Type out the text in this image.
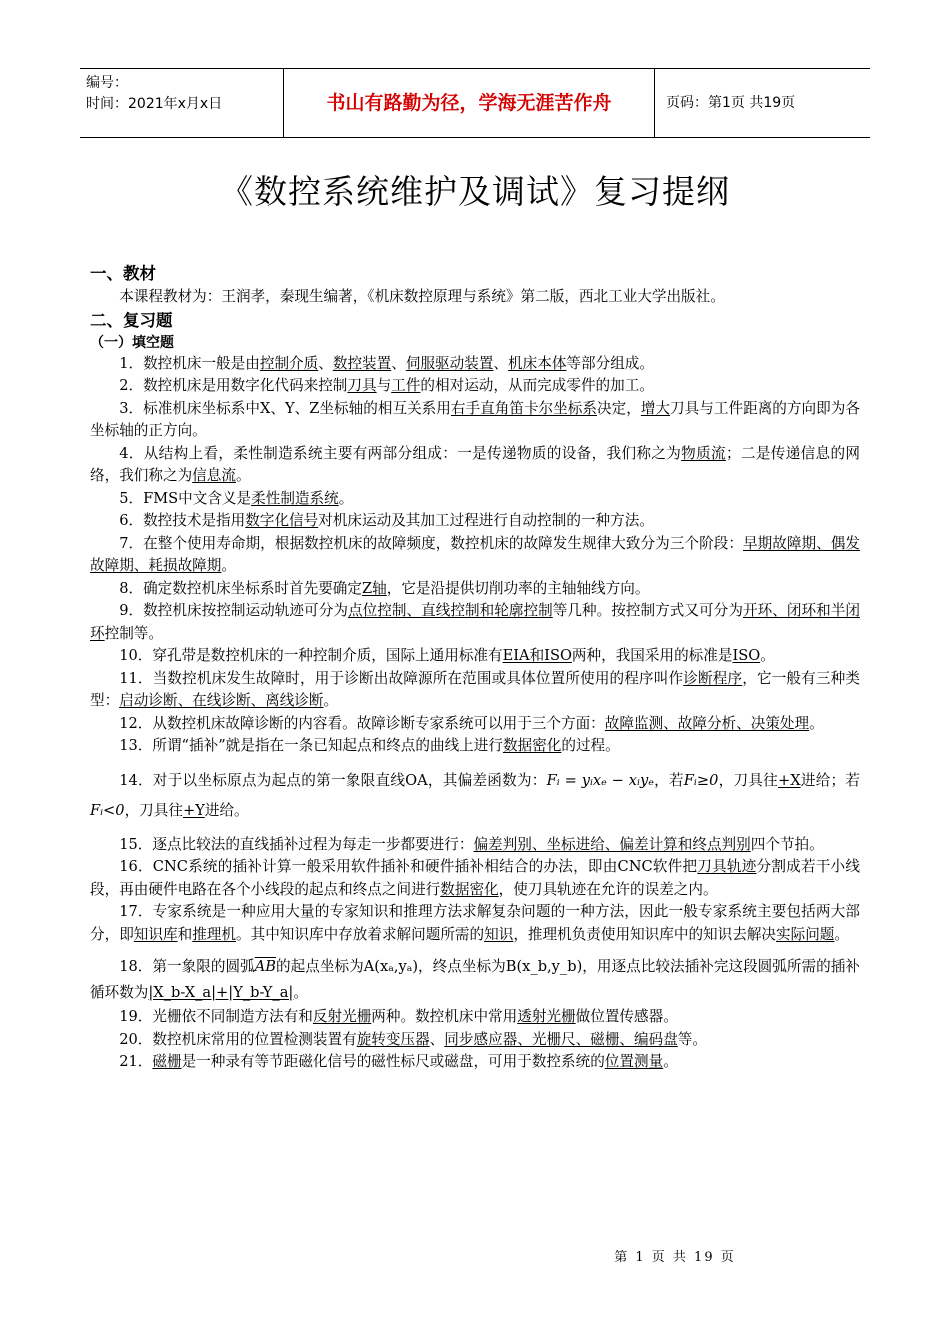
编号：
时间：2021年x月x日	书山有路勤为径，学海无涯苦作舟	页码：第1页 共19页
《数控系统维护及调试》复习提纲
一、教材
本课程教材为：王润孝，秦现生编著，《机床数控原理与系统》第二版，西北工业大学出版社。
二、复习题
（一）填空题
1．数控机床一般是由控制介质、数控装置、伺服驱动装置、机床本体等部分组成。
2．数控机床是用数字化代码来控制刀具与工件的相对运动，从而完成零件的加工。
3．标准机床坐标系中X、Y、Z坐标轴的相互关系用右手直角笛卡尔坐标系决定，增大刀具与工件距离的方向即为各坐标轴的正方向。
4．从结构上看，柔性制造系统主要有两部分组成：一是传递物质的设备，我们称之为物质流；二是传递信息的网络，我们称之为信息流。
5．FMS中文含义是柔性制造系统。
6．数控技术是指用数字化信号对机床运动及其加工过程进行自动控制的一种方法。
7．在整个使用寿命期，根据数控机床的故障频度，数控机床的故障发生规律大致分为三个阶段：早期故障期、偶发故障期、耗损故障期。
8．确定数控机床坐标系时首先要确定Z轴，它是沿提供切削功率的主轴轴线方向。
9．数控机床按控制运动轨迹可分为点位控制、直线控制和轮廓控制等几种。按控制方式又可分为开环、闭环和半闭环控制等。
10．穿孔带是数控机床的一种控制介质，国际上通用标准有EIA和ISO两种，我国采用的标准是ISO。
11．当数控机床发生故障时，用于诊断出故障源所在范围或具体位置所使用的程序叫作诊断程序，它一般有三种类型：启动诊断、在线诊断、离线诊断。
12．从数控机床故障诊断的内容看。故障诊断专家系统可以用于三个方面：故障监测、故障分析、决策处理。
13．所谓“插补”就是指在一条已知起点和终点的曲线上进行数据密化的过程。
14．对于以坐标原点为起点的第一象限直线OA，其偏差函数为：Fᵢ = yᵢxₑ − xᵢyₑ，若Fᵢ≥0，刀具往+X进给；若Fᵢ<0，刀具往+Y进给。
15．逐点比较法的直线插补过程为每走一步都要进行：偏差判别、坐标进给、偏差计算和终点判别四个节拍。
16．CNC系统的插补计算一般采用软件插补和硬件插补相结合的办法，即由CNC软件把刀具轨迹分割成若干小线段，再由硬件电路在各个小线段的起点和终点之间进行数据密化，使刀具轨迹在允许的误差之内。
17．专家系统是一种应用大量的专家知识和推理方法求解复杂问题的一种方法，因此一般专家系统主要包括两大部分，即知识库和推理机。其中知识库中存放着求解问题所需的知识，推理机负责使用知识库中的知识去解决实际问题。
18．第一象限的圆弧$\overline{AB}$的起点坐标为A(xₐ,yₐ)，终点坐标为B(x_b,y_b)，用逐点比较法插补完这段圆弧所需的插补循环数为|X_b-X_a|+|Y_b-Y_a|。
19．光栅依不同制造方法有和反射光栅两种。数控机床中常用透射光栅做位置传感器。
20．数控机床常用的位置检测装置有旋转变压器、同步感应器、光栅尺、磁栅、编码盘等。
21．磁栅是一种录有等节距磁化信号的磁性标尺或磁盘，可用于数控系统的位置测量。
第 1 页 共 19 页
